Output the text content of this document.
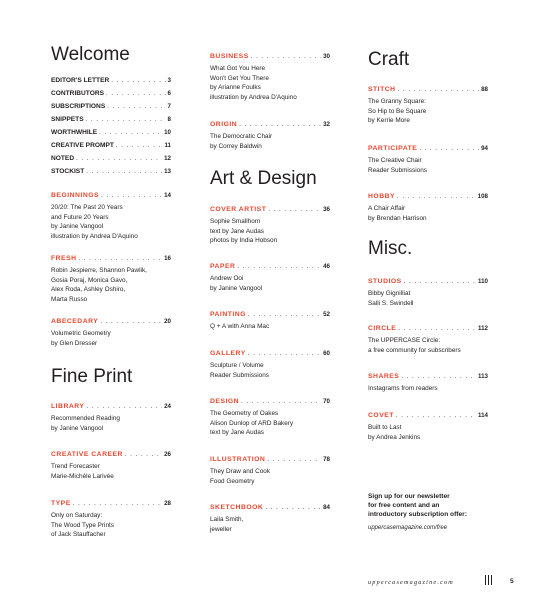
Welcome
EDITOR'S LETTER . . .	3
CONTRIBUTORS . . .	6
SUBSCRIPTIONS . . .	7
SNIPPETS . . .	8
WORTHWHILE . . .	10
CREATIVE PROMPT . . .	11
NOTED . . .	12
STOCKIST . . .	13
BEGINNINGS . . .	14
20/20: The Past 20 Years
and Future 20 Years
by Janine Vangool
illustration by Andrea D'Aquino
FRESH . . .	16
Robin Jespierre, Shannon Pawlik,
Gosia Poraj, Monica Gavo,
Alex Roda, Ashley Oshiro,
Marta Russo
ABECEDARY . . .	20
Volumetric Geometry
by Glen Dresser
Fine Print
LIBRARY . . .	24
Recommended Reading
by Janine Vangool
CREATIVE CAREER . . .	26
Trend Forecaster
Marie-Michèle Larivée
TYPE . . .	28
Only on Saturday:
The Wood Type Prints
of Jack Stauffacher
BUSINESS . . .	30
What Got You Here
Won't Get You There
by Arianne Foulks
illustration by Andrea D'Aquino
ORIGIN . . .	32
The Democratic Chair
by Correy Baldwin
Art & Design
COVER ARTIST . . .	36
Sophie Smallhorn
text by Jane Audas
photos by India Hobson
PAPER . . .	46
Andrew Ooi
by Janine Vangool
PAINTING . . .	52
Q + A with Anna Mac
GALLERY . . .	60
Sculpture / Volume
Reader Submissions
DESIGN . . .	70
The Geometry of Oakes
Alison Dunlop of ARD Bakery
text by Jane Audas
ILLUSTRATION . . .	78
They Draw and Cook
Food Geometry
SKETCHBOOK . . .	84
Laila Smith,
jeweller
Craft
STITCH . . .	88
The Granny Square:
So Hip to Be Square
by Kerrie More
PARTICIPATE . . .	94
The Creative Chair
Reader Submissions
HOBBY . . .	108
A Chair Affair
by Brendan Harrison
Misc.
STUDIOS . . .	110
Bibby Gignilliat
Salli S. Swindell
CIRCLE . . .	112
The UPPERCASE Circle:
a free community for subscribers
SHARES . . .	113
Instagrams from readers
COVET . . .	114
Built to Last
by Andrea Jenkins
Sign up for our newsletter
for free content and an
introductory subscription offer:
uppercasemagazine.com/free
uppercasemagazine.com	5
